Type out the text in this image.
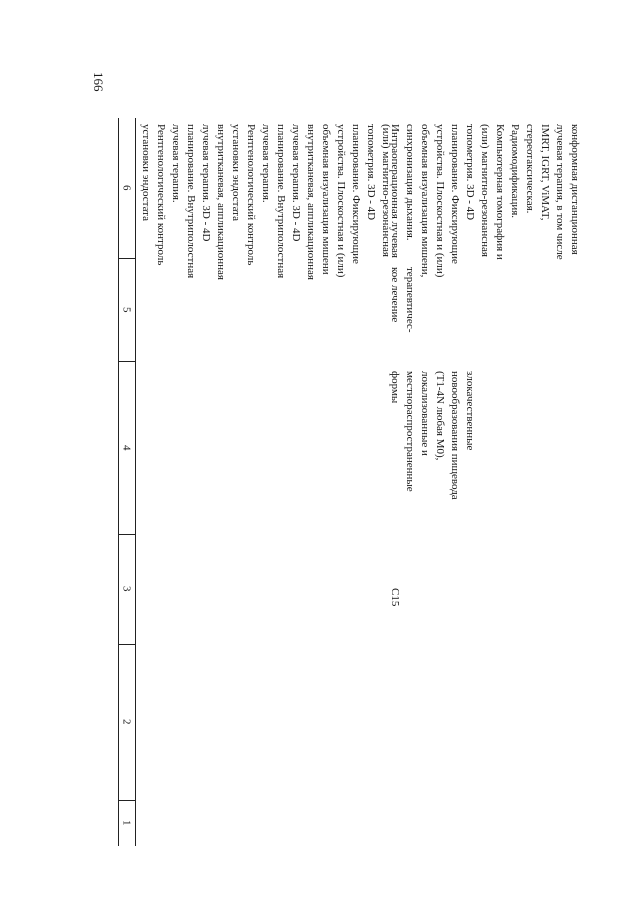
166
6
5
4
3
2
1
(или) магнитно-резонансная
топометрия. 3D - 4D
планирование. Фиксирующие
устройства. Плоскостная и (или)
объемная визуализация мишени
внутритканевая, аппликационная
лучевая терапия. 3D - 4D
планирование. Внутриполостная
лучевая терапия.
Рентгенологический контроль
установки эндостата
внутритканевая, аппликационная
лучевая терапия. 3D - 4D
планирование. Внутриполостная
лучевая терапия.
Рентгенологический контроль
установки эндостата
конформная дистанционная
лучевая терапия, в том числе
IMRT, IGRT, ViMAT,
стереотаксическая.
Радиомодификация.
Компьютерная томография и
(или) магнитно-резонансная
топометрия. 3D - 4D
планирование. Фиксирующие
устройства. Плоскостная и (или)
объемная визуализация мишени,
синхронизация дыхания.
Интраоперационная лучевая
терапевтичес-
кое лечение
злокачественные
новообразования пищевода
(T1-4N любая M0),
локализованные и
местнораспространенные
формы
C15
